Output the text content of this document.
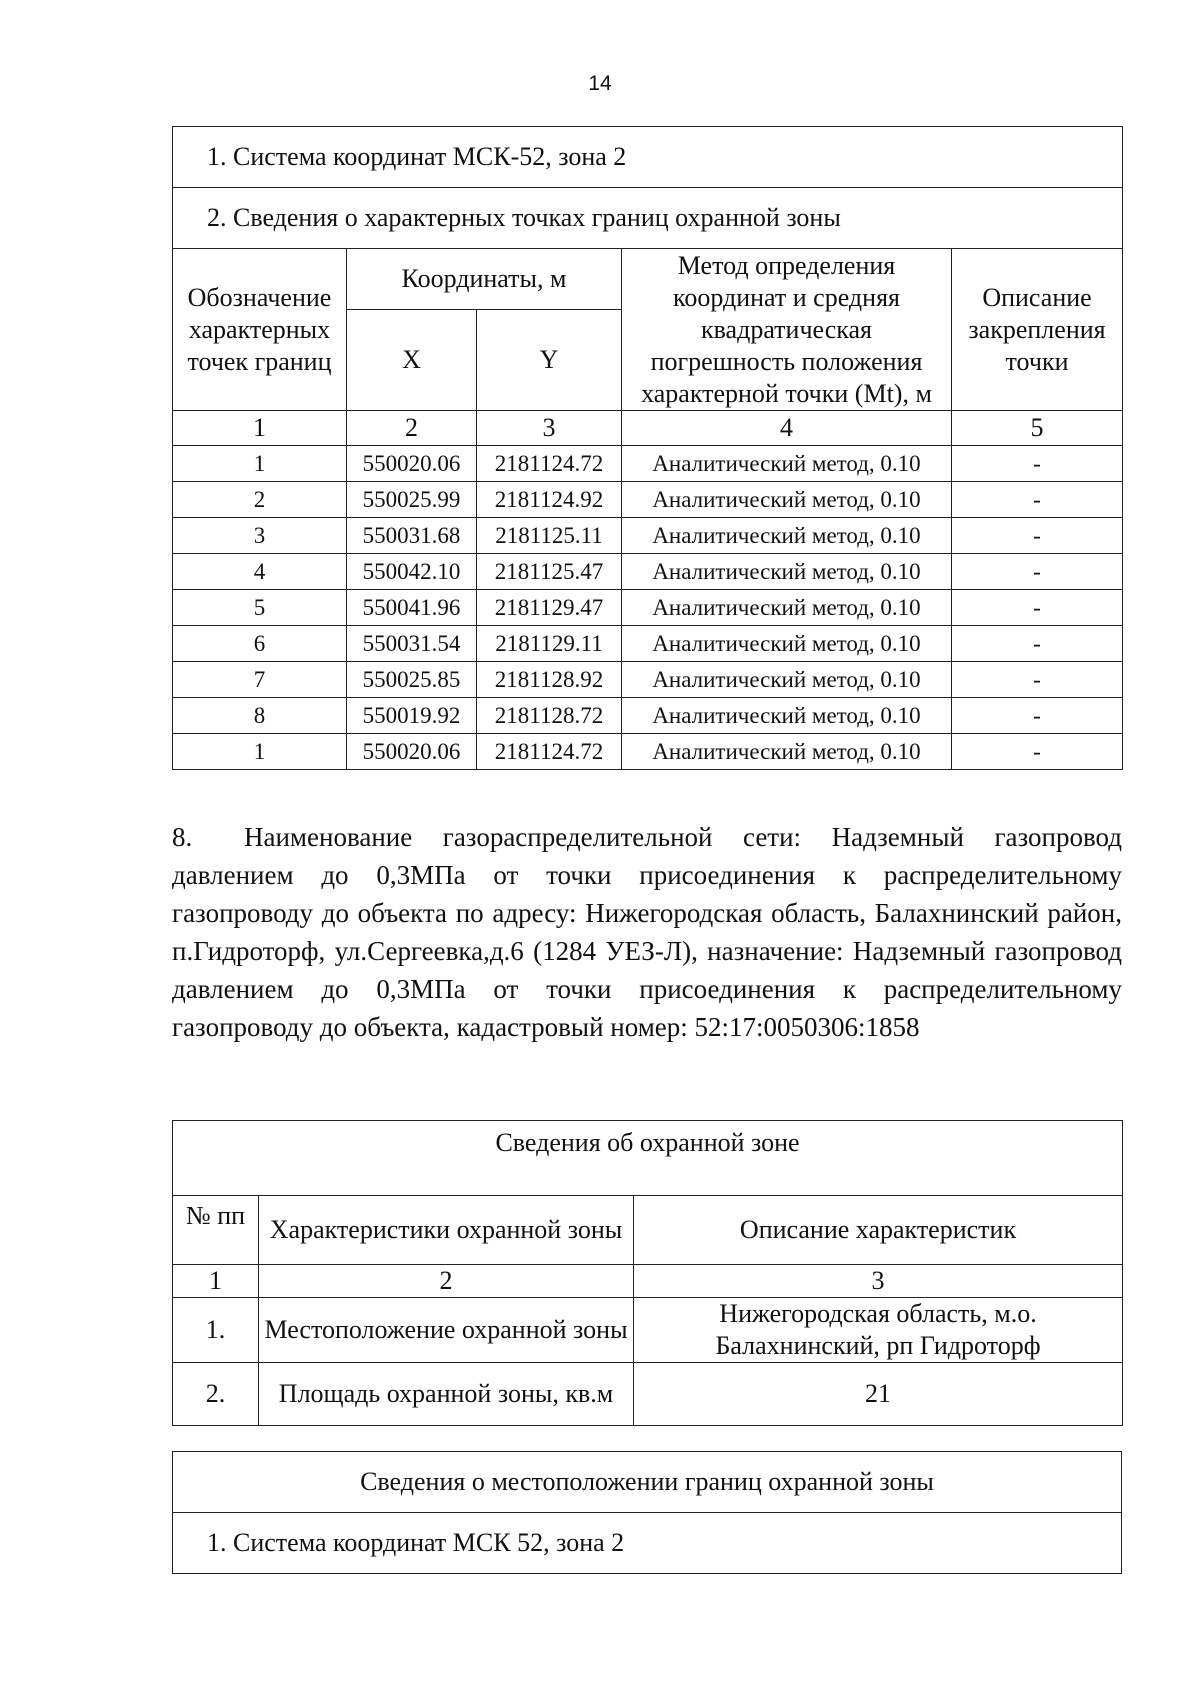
14
1. Система координат МСК-52, зона 2				
2. Сведения о характерных точках границ охранной зоны				
Обозначение характерных точек границ	Координаты, м		Метод определения координат и средняя квадратическая погрешность положения характерной точки (Mt), м	Описание закрепления точки
	X	Y		
1	2	3	4	5
1	550020.06	2181124.72	Аналитический метод, 0.10	-
2	550025.99	2181124.92	Аналитический метод, 0.10	-
3	550031.68	2181125.11	Аналитический метод, 0.10	-
4	550042.10	2181125.47	Аналитический метод, 0.10	-
5	550041.96	2181129.47	Аналитический метод, 0.10	-
6	550031.54	2181129.11	Аналитический метод, 0.10	-
7	550025.85	2181128.92	Аналитический метод, 0.10	-
8	550019.92	2181128.72	Аналитический метод, 0.10	-
1	550020.06	2181124.72	Аналитический метод, 0.10	-

8. Наименование газораспределительной сети: Надземный газопровод давлением до 0,3МПа от точки присоединения к распределительному газопроводу до объекта по адресу: Нижегородская область, Балахнинский район, п.Гидроторф, ул.Сергеевка,д.6 (1284 УЕЗ-Л), назначение: Надземный газопровод давлением до 0,3МПа от точки присоединения к распределительному газопроводу до объекта, кадастровый номер: 52:17:0050306:1858

Сведения об охранной зоне		
№ пп	Характеристики охранной зоны	Описание характеристик
1	2	3
1.	Местоположение охранной зоны	Нижегородская область, м.о. Балахнинский, рп Гидроторф
2.	Площадь охранной зоны, кв.м	21
Сведения о местоположении границ охранной зоны
1. Система координат МСК 52, зона 2
